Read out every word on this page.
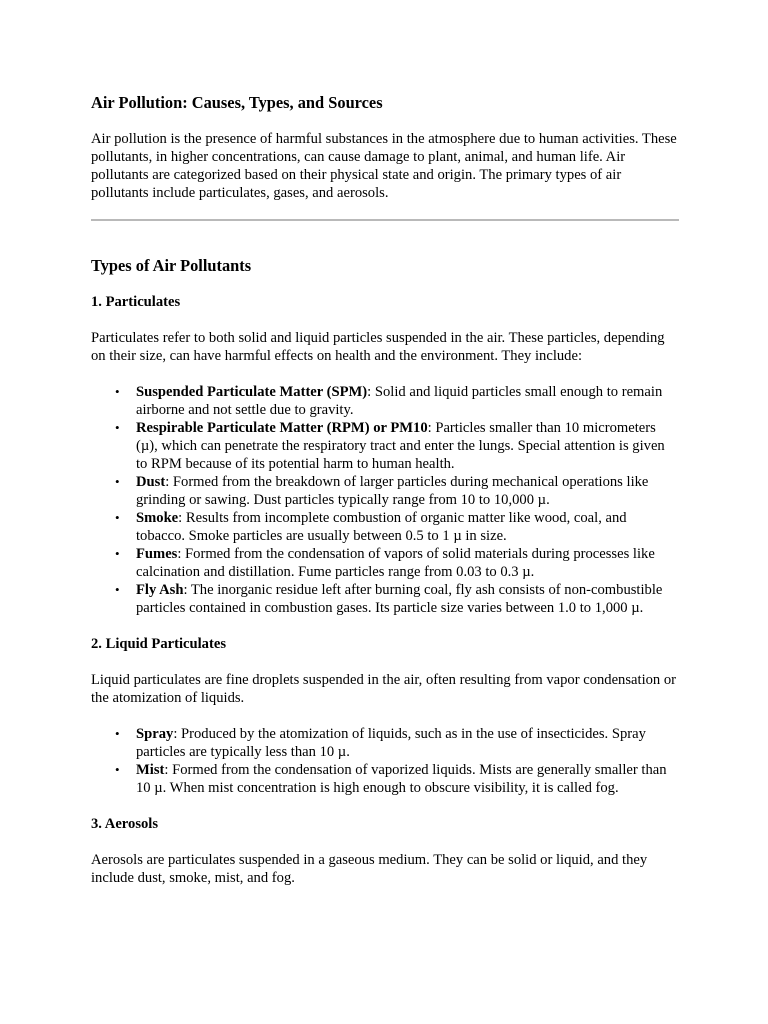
Air Pollution: Causes, Types, and Sources

Air pollution is the presence of harmful substances in the atmosphere due to human activities. These pollutants, in higher concentrations, can cause damage to plant, animal, and human life. Air pollutants are categorized based on their physical state and origin. The primary types of air pollutants include particulates, gases, and aerosols.

Types of Air Pollutants
1. Particulates

Particulates refer to both solid and liquid particles suspended in the air. These particles, depending on their size, can have harmful effects on health and the environment. They include:

• Suspended Particulate Matter (SPM): Solid and liquid particles small enough to remain airborne and not settle due to gravity.
• Respirable Particulate Matter (RPM) or PM10: Particles smaller than 10 micrometers (µ), which can penetrate the respiratory tract and enter the lungs. Special attention is given to RPM because of its potential harm to human health.
• Dust: Formed from the breakdown of larger particles during mechanical operations like grinding or sawing. Dust particles typically range from 10 to 10,000 µ.
• Smoke: Results from incomplete combustion of organic matter like wood, coal, and tobacco. Smoke particles are usually between 0.5 to 1 µ in size.
• Fumes: Formed from the condensation of vapors of solid materials during processes like calcination and distillation. Fume particles range from 0.03 to 0.3 µ.
• Fly Ash: The inorganic residue left after burning coal, fly ash consists of non-combustible particles contained in combustion gases. Its particle size varies between 1.0 to 1,000 µ.
2. Liquid Particulates

Liquid particulates are fine droplets suspended in the air, often resulting from vapor condensation or the atomization of liquids.

• Spray: Produced by the atomization of liquids, such as in the use of insecticides. Spray particles are typically less than 10 µ.
• Mist: Formed from the condensation of vaporized liquids. Mists are generally smaller than 10 µ. When mist concentration is high enough to obscure visibility, it is called fog.
3. Aerosols

Aerosols are particulates suspended in a gaseous medium. They can be solid or liquid, and they include dust, smoke, mist, and fog.
